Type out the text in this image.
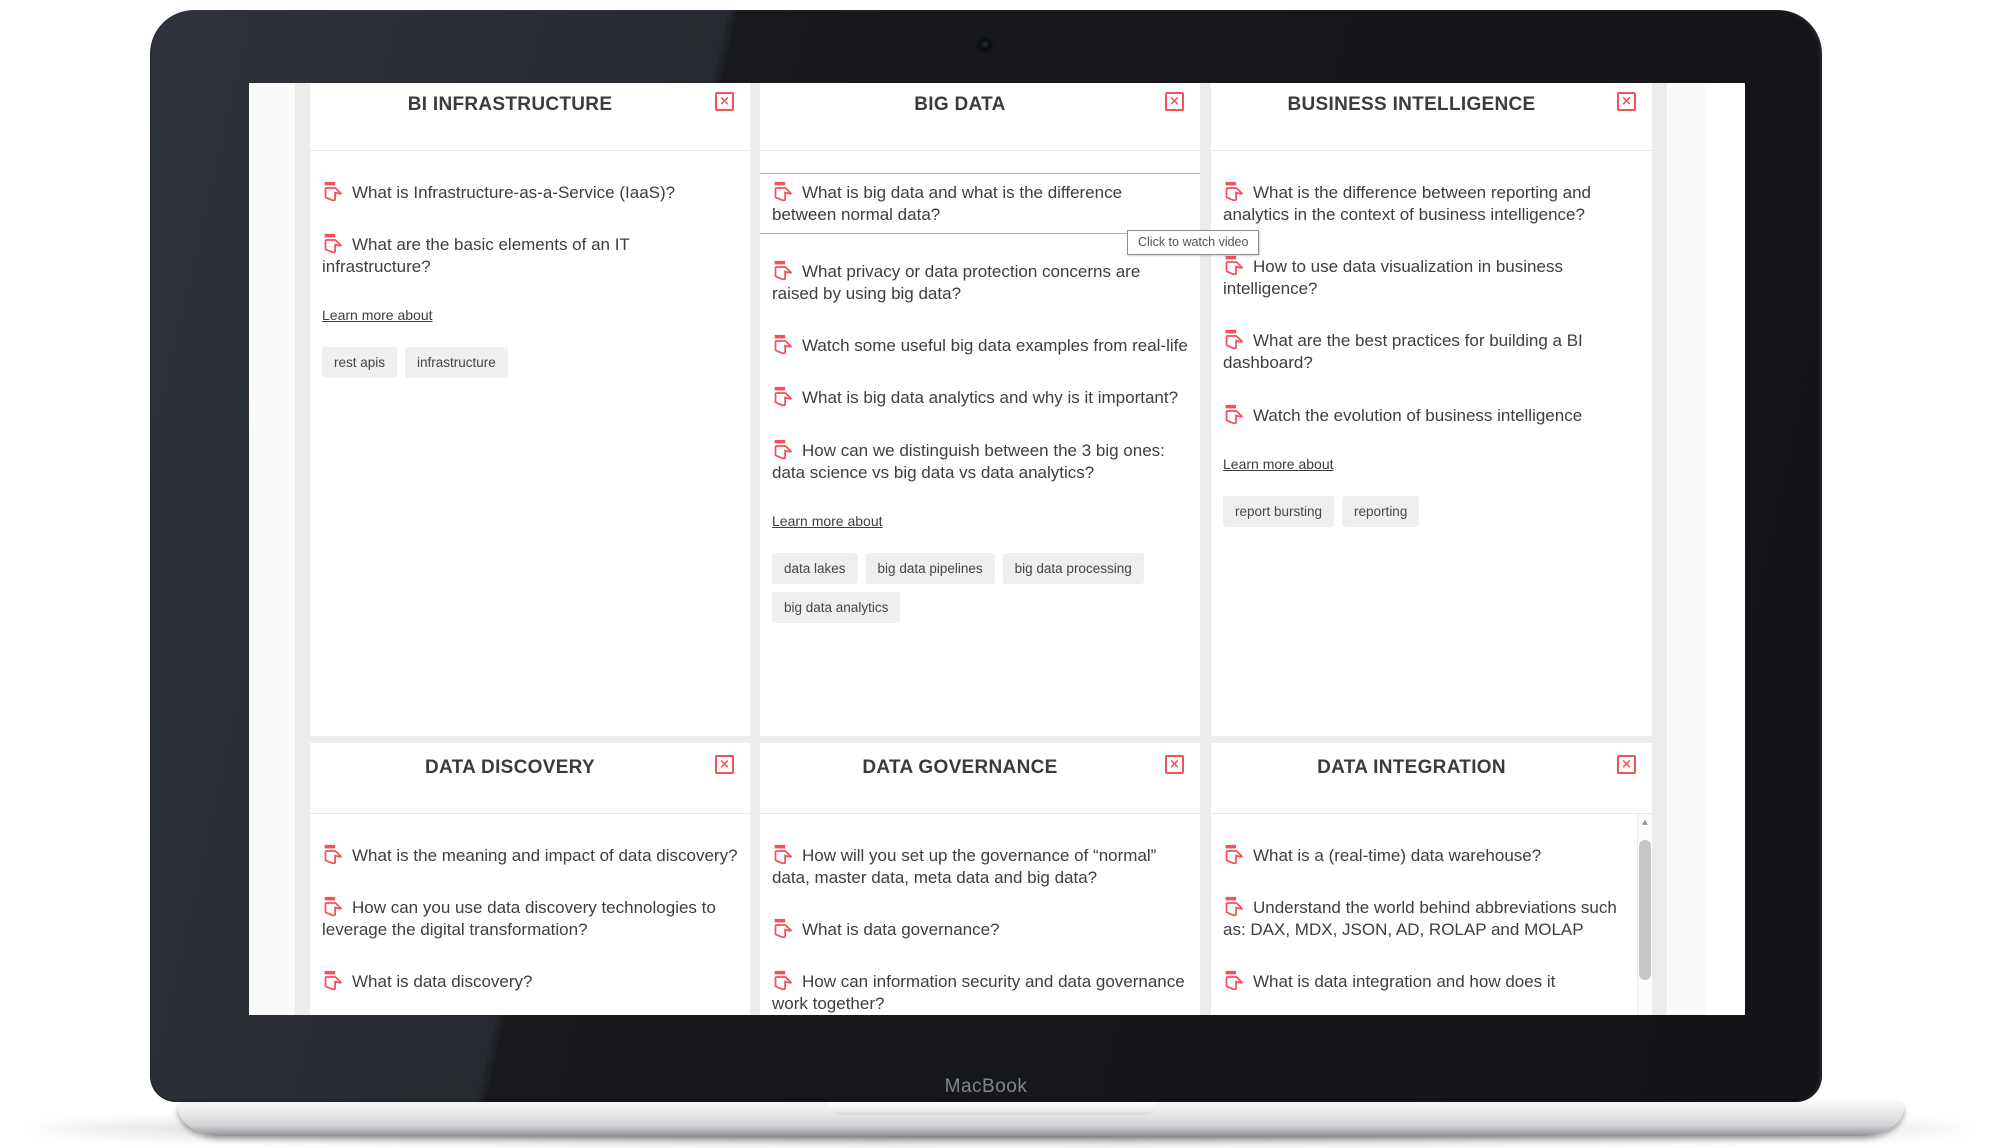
BI INFRASTRUCTURE	×
What is Infrastructure-as-a-Service (IaaS)?
What are the basic elements of an IT infrastructure?
Learn more about
rest apis	infrastructure
BIG DATA	×
What is big data and what is the difference between normal data?
What privacy or data protection concerns are raised by using big data?
Watch some useful big data examples from real-life
What is big data analytics and why is it important?
How can we distinguish between the 3 big ones: data science vs big data vs data analytics?
Learn more about
data lakes	big data pipelines	big data processing
big data analytics
BUSINESS INTELLIGENCE	×
What is the difference between reporting and analytics in the context of business intelligence?
How to use data visualization in business intelligence?
What are the best practices for building a BI dashboard?
Watch the evolution of business intelligence
Learn more about
report bursting	reporting
DATA DISCOVERY	×
What is the meaning and impact of data discovery?
How can you use data discovery technologies to leverage the digital transformation?
What is data discovery?
DATA GOVERNANCE	×
How will you set up the governance of “normal” data, master data, meta data and big data?
What is data governance?
How can information security and data governance work together?
DATA INTEGRATION	×
What is a (real-time) data warehouse?
Understand the world behind abbreviations such as: DAX, MDX, JSON, AD, ROLAP and MOLAP
What is data integration and how does it
▲
Click to watch video
MacBook
